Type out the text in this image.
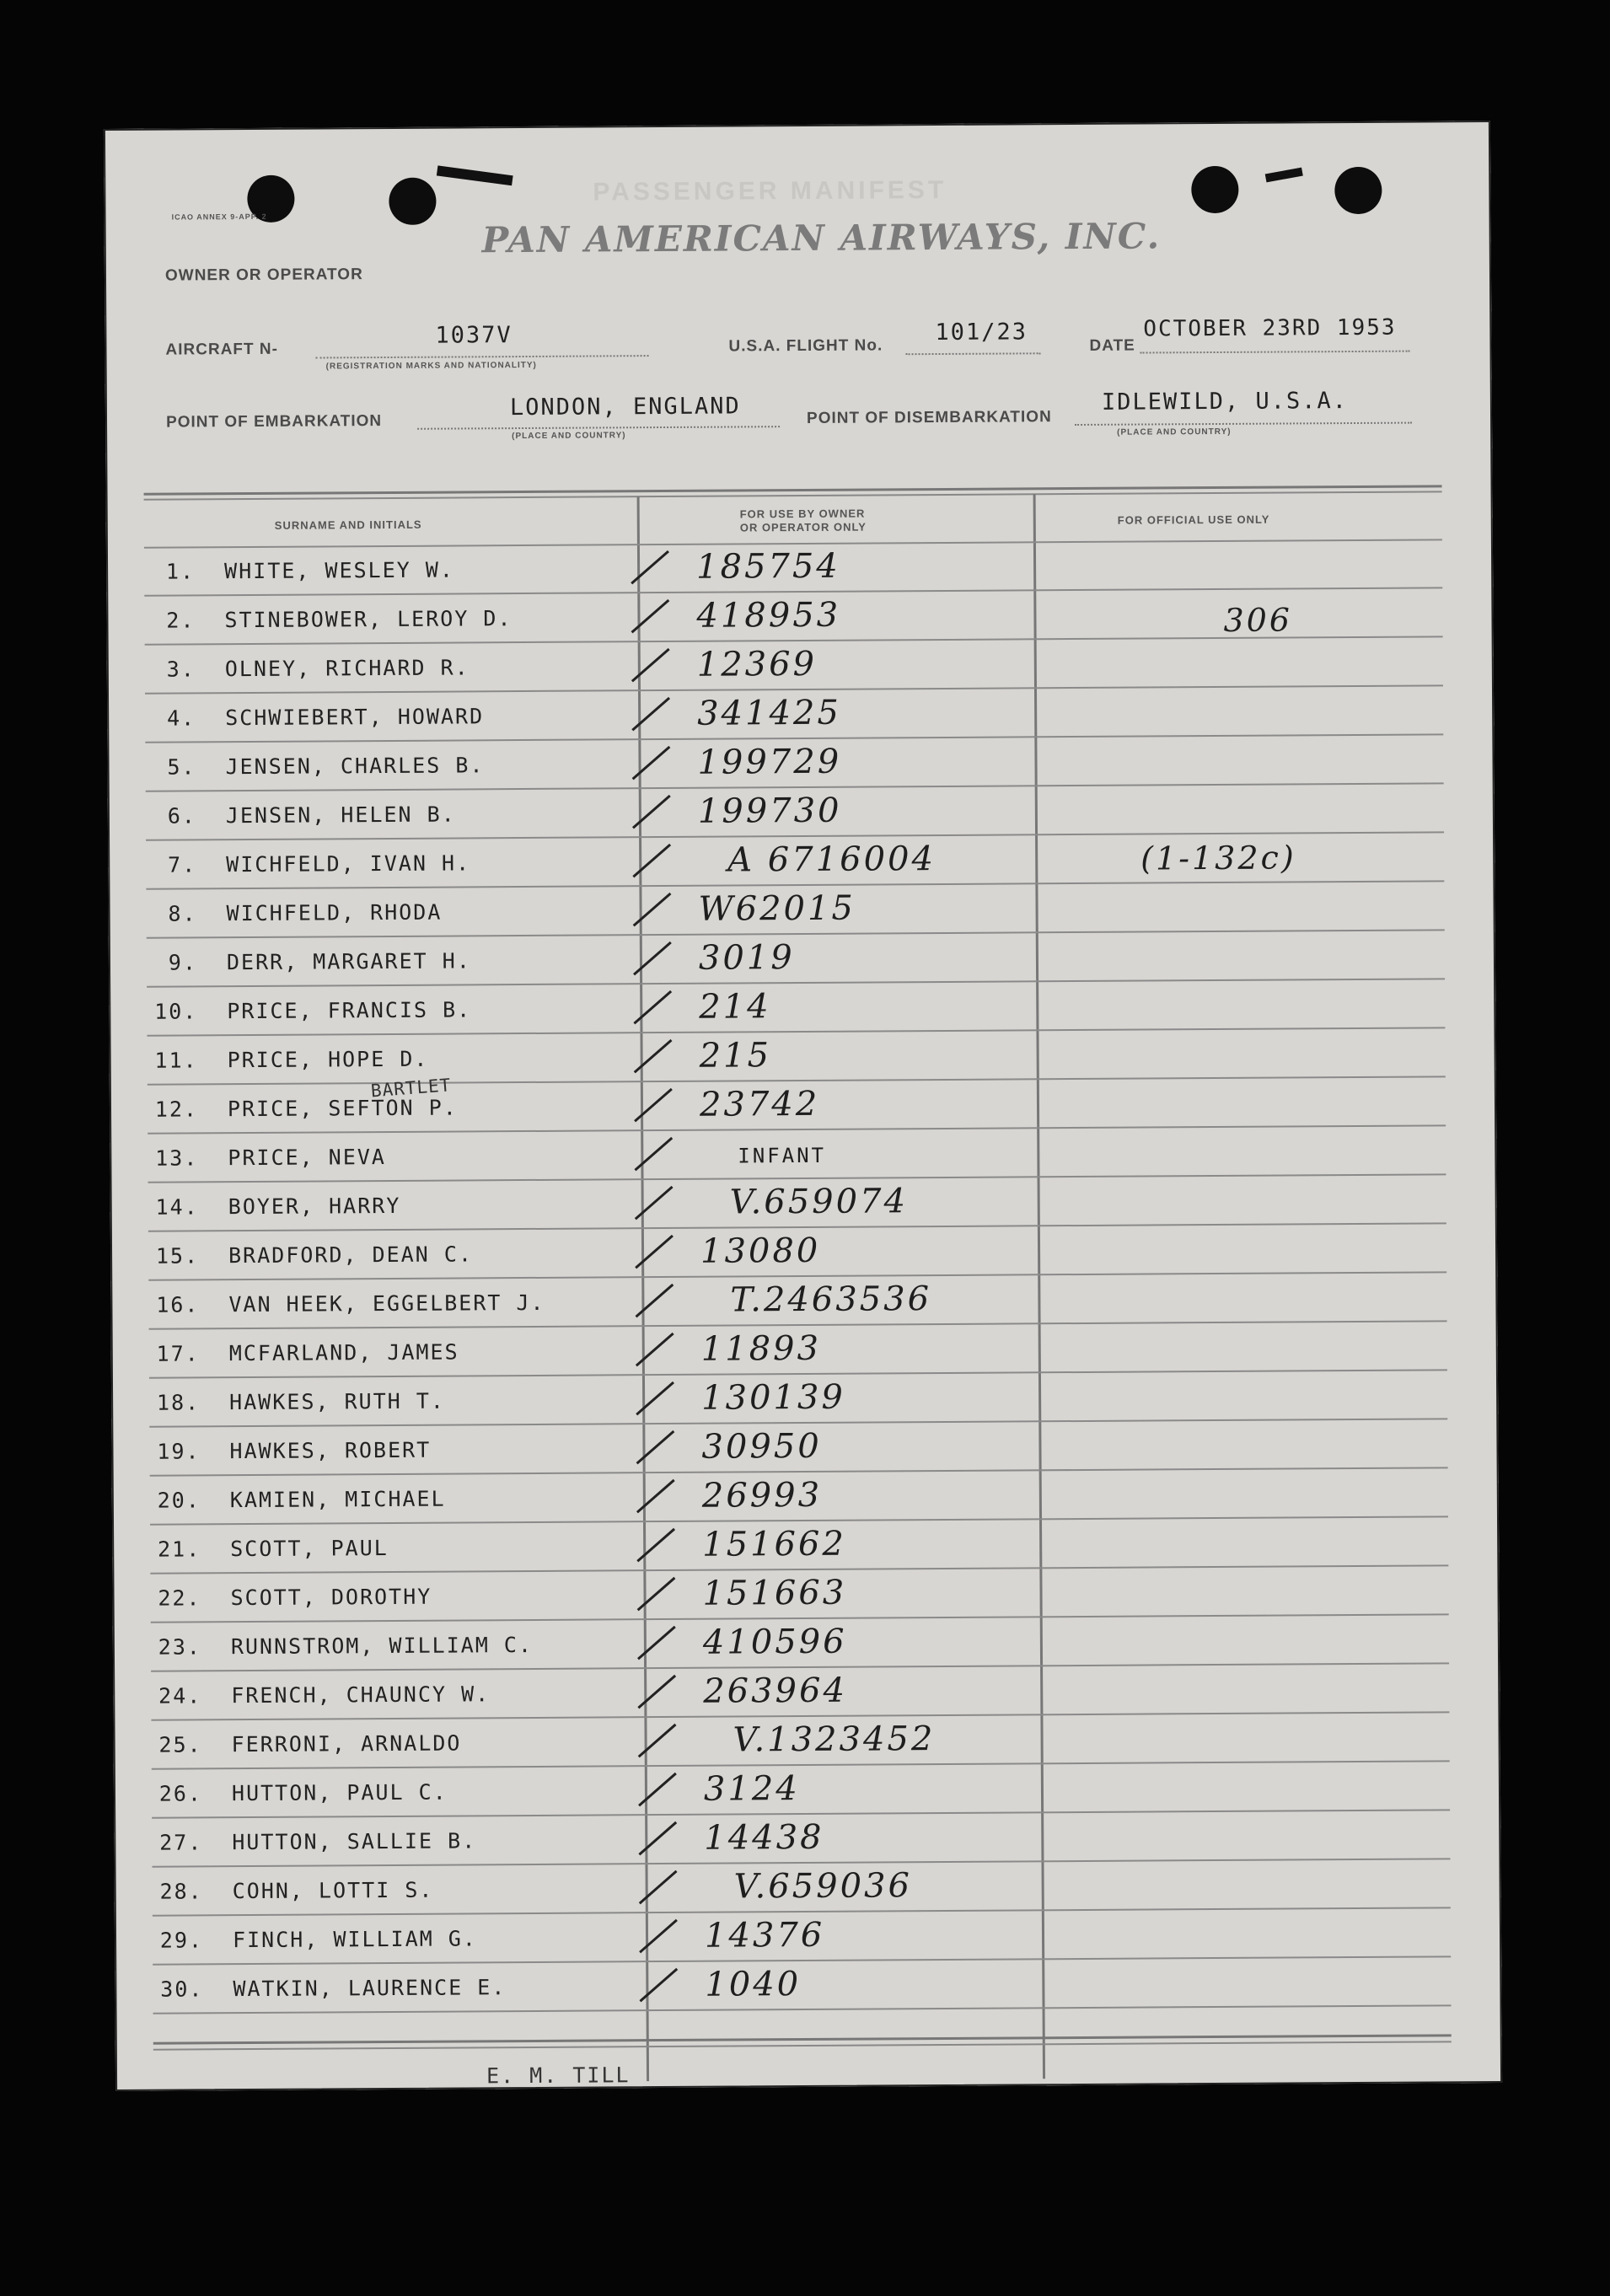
ICAO ANNEX 9-APP. 2
PASSENGER MANIFEST
PAN AMERICAN AIRWAYS, INC.
OWNER OR OPERATOR
AIRCRAFT N-
1037V
(REGISTRATION MARKS AND NATIONALITY)
U.S.A. FLIGHT No.
101/23
DATE
OCTOBER 23RD 1953
POINT OF EMBARKATION
LONDON, ENGLAND
(PLACE AND COUNTRY)
POINT OF DISEMBARKATION
IDLEWILD, U.S.A.
(PLACE AND COUNTRY)
SURNAME AND INITIALS
FOR USE BY OWNER
OR OPERATOR ONLY
FOR OFFICIAL USE ONLY
1. WHITE, WESLEY W.	185754
2. STINEBOWER, LEROY D.	418953	306
3. OLNEY, RICHARD R.	12369
4. SCHWIEBERT, HOWARD	341425
5. JENSEN, CHARLES B.	199729
6. JENSEN, HELEN B.	199730
7. WICHFELD, IVAN H.	A 6716004	(1-132c)
8. WICHFELD, RHODA	W62015
9. DERR, MARGARET H.	3019
10. PRICE, FRANCIS B.	214
11. PRICE, HOPE D.	215
12. PRICE, SEFTON P.	23742
13. PRICE, NEVA	INFANT
14. BOYER, HARRY	V.659074
15. BRADFORD, DEAN C.	13080
16. VAN HEEK, EGGELBERT J.	T.2463536
17. MCFARLAND, JAMES	11893
18. HAWKES, RUTH T.	130139
19. HAWKES, ROBERT	30950
20. KAMIEN, MICHAEL	26993
21. SCOTT, PAUL	151662
22. SCOTT, DOROTHY	151663
23. RUNNSTROM, WILLIAM C.	410596
24. FRENCH, CHAUNCY W.	263964
25. FERRONI, ARNALDO	V.1323452
26. HUTTON, PAUL C.	3124
27. HUTTON, SALLIE B.	14438
28. COHN, LOTTI S.	V.659036
29. FINCH, WILLIAM G.	14376
30. WATKIN, LAURENCE E.	1040
BARTLET
E. M. TILL
